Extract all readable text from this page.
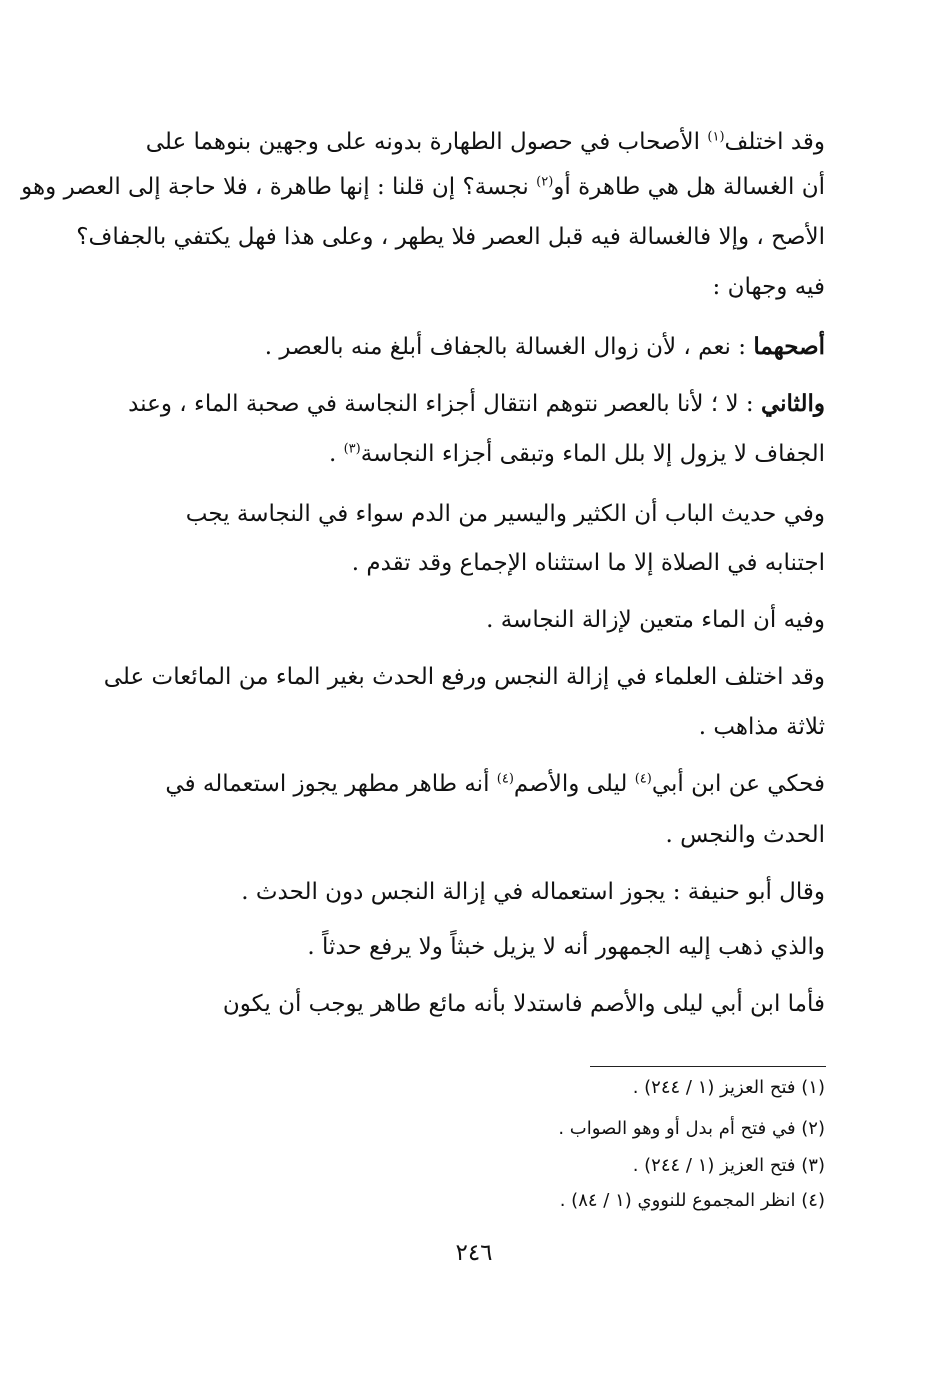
وقد اختلف$^{(١)}$ الأصحاب في حصول الطهارة بدونه على وجهين بنوهما على
أن الغسالة هل هي طاهرة أو$^{(٢)}$ نجسة؟ إن قلنا : إنها طاهرة ، فلا حاجة إلى العصر وهو
الأصح ، وإلا فالغسالة فيه قبل العصر فلا يطهر ، وعلى هذا فهل يكتفي بالجفاف؟
فيه وجهان :
أصحهما : نعم ، لأن زوال الغسالة بالجفاف أبلغ منه بالعصر .
والثاني : لا ؛ لأنا بالعصر نتوهم انتقال أجزاء النجاسة في صحبة الماء ، وعند
الجفاف لا يزول إلا بلل الماء وتبقى أجزاء النجاسة$^{(٣)}$ .
وفي حديث الباب أن الكثير واليسير من الدم سواء في النجاسة يجب
اجتنابه في الصلاة إلا ما استثناه الإجماع وقد تقدم .
وفيه أن الماء متعين لإزالة النجاسة .
وقد اختلف العلماء في إزالة النجس ورفع الحدث بغير الماء من المائعات على
ثلاثة مذاهب .
فحكي عن ابن أبي$^{(٤)}$ ليلى والأصم$^{(٤)}$ أنه طاهر مطهر يجوز استعماله في
الحدث والنجس .
وقال أبو حنيفة : يجوز استعماله في إزالة النجس دون الحدث .
والذي ذهب إليه الجمهور أنه لا يزيل خبثاً ولا يرفع حدثاً .
فأما ابن أبي ليلى والأصم فاستدلا بأنه مائع طاهر يوجب أن يكون
(١) فتح العزيز (١ / ٢٤٤) .
(٢) في فتح أم بدل أو وهو الصواب .
(٣) فتح العزيز (١ / ٢٤٤) .
(٤) انظر المجموع للنووي (١ / ٨٤) .
٢٤٦
